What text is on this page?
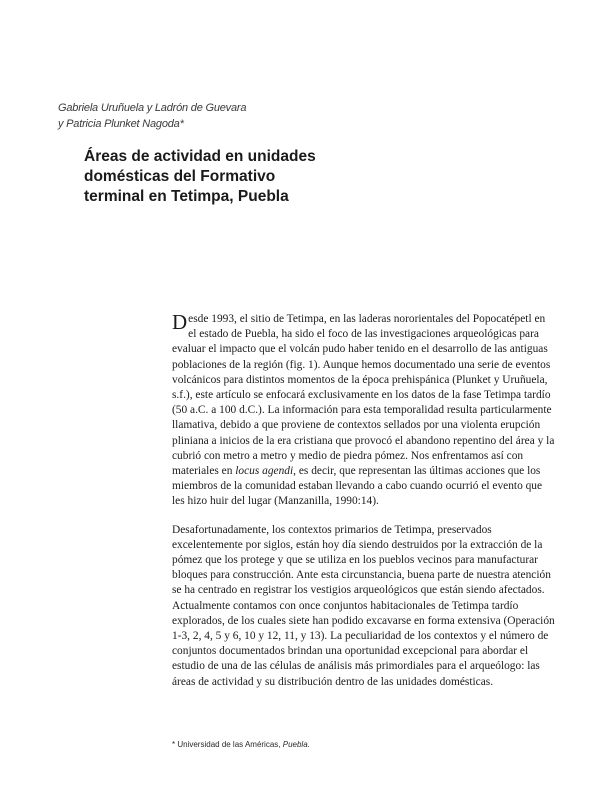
Gabriela Uruñuela y Ladrón de Guevara
y Patricia Plunket Nagoda*
Áreas de actividad en unidades
domésticas del Formativo
terminal en Tetimpa, Puebla

Desde 1993, el sitio de Tetimpa, en las laderas nororientales del Popocatépetl en el estado de Puebla, ha sido el foco de las investigaciones arqueológicas para evaluar el impacto que el volcán pudo haber tenido en el desarrollo de las antiguas poblaciones de la región (fig. 1). Aunque hemos documentado una serie de eventos volcánicos para distintos momentos de la época prehispánica (Plunket y Uruñuela, s.f.), este artículo se enfocará exclusivamente en los datos de la fase Tetimpa tardío (50 a.C. a 100 d.C.). La información para esta temporalidad resulta particularmente llamativa, debido a que proviene de contextos sellados por una violenta erupción pliniana a inicios de la era cristiana que provocó el abandono repentino del área y la cubrió con metro a metro y medio de piedra pómez. Nos enfrentamos así con materiales en locus agendi, es decir, que representan las últimas acciones que los miembros de la comunidad estaban llevando a cabo cuando ocurrió el evento que les hizo huir del lugar (Manzanilla, 1990:14).

Desafortunadamente, los contextos primarios de Tetimpa, preservados excelentemente por siglos, están hoy día siendo destruidos por la extracción de la pómez que los protege y que se utiliza en los pueblos vecinos para manufacturar bloques para construcción. Ante esta circunstancia, buena parte de nuestra atención se ha centrado en registrar los vestigios arqueológicos que están siendo afectados. Actualmente contamos con once conjuntos habitacionales de Tetimpa tardío explorados, de los cuales siete han podido excavarse en forma extensiva (Operación 1-3, 2, 4, 5 y 6, 10 y 12, 11, y 13). La peculiaridad de los contextos y el número de conjuntos documentados brindan una oportunidad excepcional para abordar el estudio de una de las células de análisis más primordiales para el arqueólogo: las áreas de actividad y su distribución dentro de las unidades domésticas.

* Universidad de las Américas, Puebla.
